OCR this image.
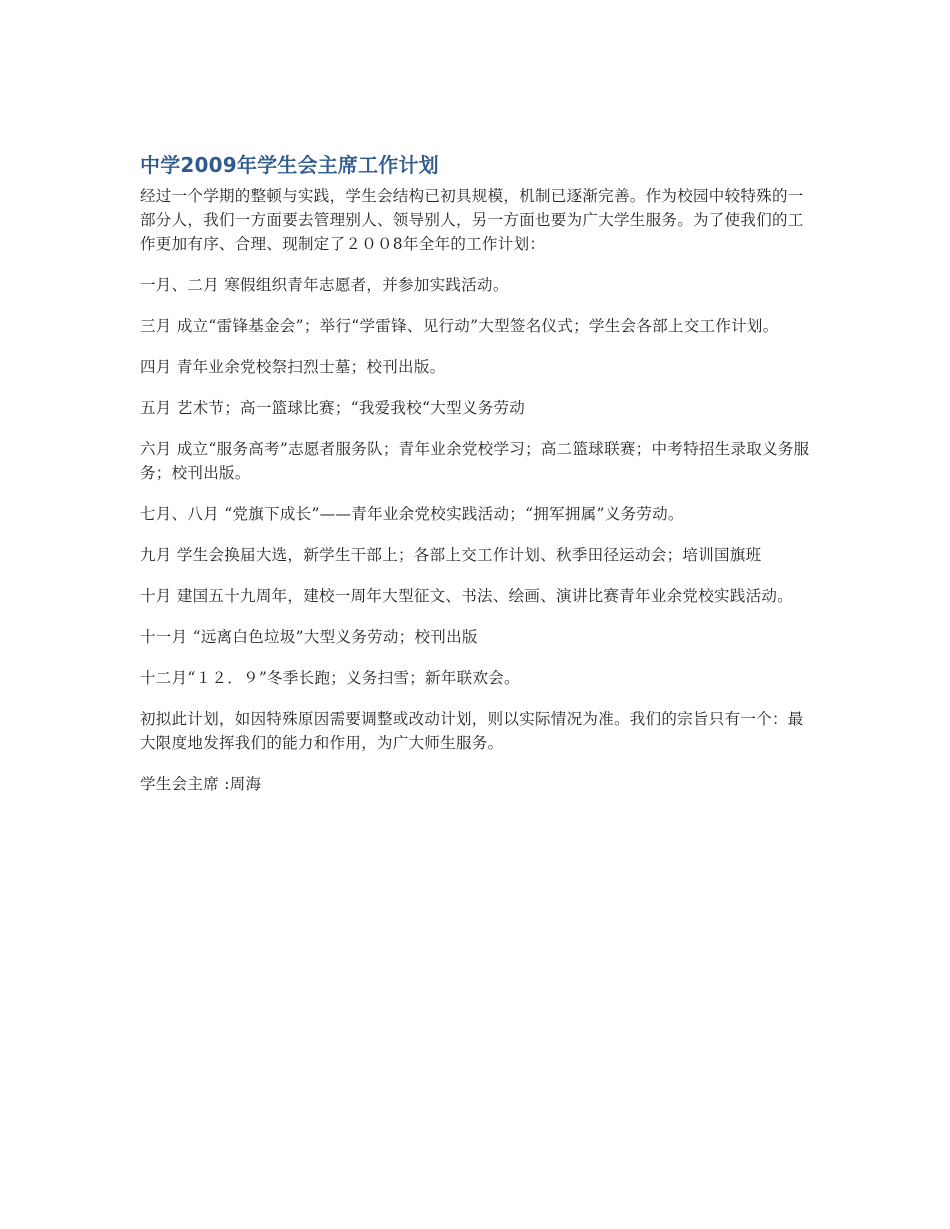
中学2009年学生会主席工作计划

经过一个学期的整顿与实践，学生会结构已初具规模，机制已逐渐完善。作为校园中较特殊的一部分人，我们一方面要去管理别人、领导别人，另一方面也要为广大学生服务。为了使我们的工作更加有序、合理、现制定了２００8年全年的工作计划：

一月、二月 寒假组织青年志愿者，并参加实践活动。

三月 成立“雷锋基金会”；举行“学雷锋、见行动”大型签名仪式；学生会各部上交工作计划。

四月 青年业余党校祭扫烈士墓；校刊出版。

五月 艺术节；高一篮球比赛；“我爱我校“大型义务劳动

六月 成立“服务高考”志愿者服务队；青年业余党校学习；高二篮球联赛；中考特招生录取义务服务；校刊出版。

七月、八月 “党旗下成长”——青年业余党校实践活动；“拥军拥属”义务劳动。

九月 学生会换届大选，新学生干部上；各部上交工作计划、秋季田径运动会；培训国旗班

十月 建国五十九周年，建校一周年大型征文、书法、绘画、演讲比赛青年业余党校实践活动。

十一月 “远离白色垃圾”大型义务劳动；校刊出版

十二月“１２．９”冬季长跑；义务扫雪；新年联欢会。

初拟此计划，如因特殊原因需要调整或改动计划，则以实际情况为准。我们的宗旨只有一个：最大限度地发挥我们的能力和作用，为广大师生服务。

学生会主席 :周海
